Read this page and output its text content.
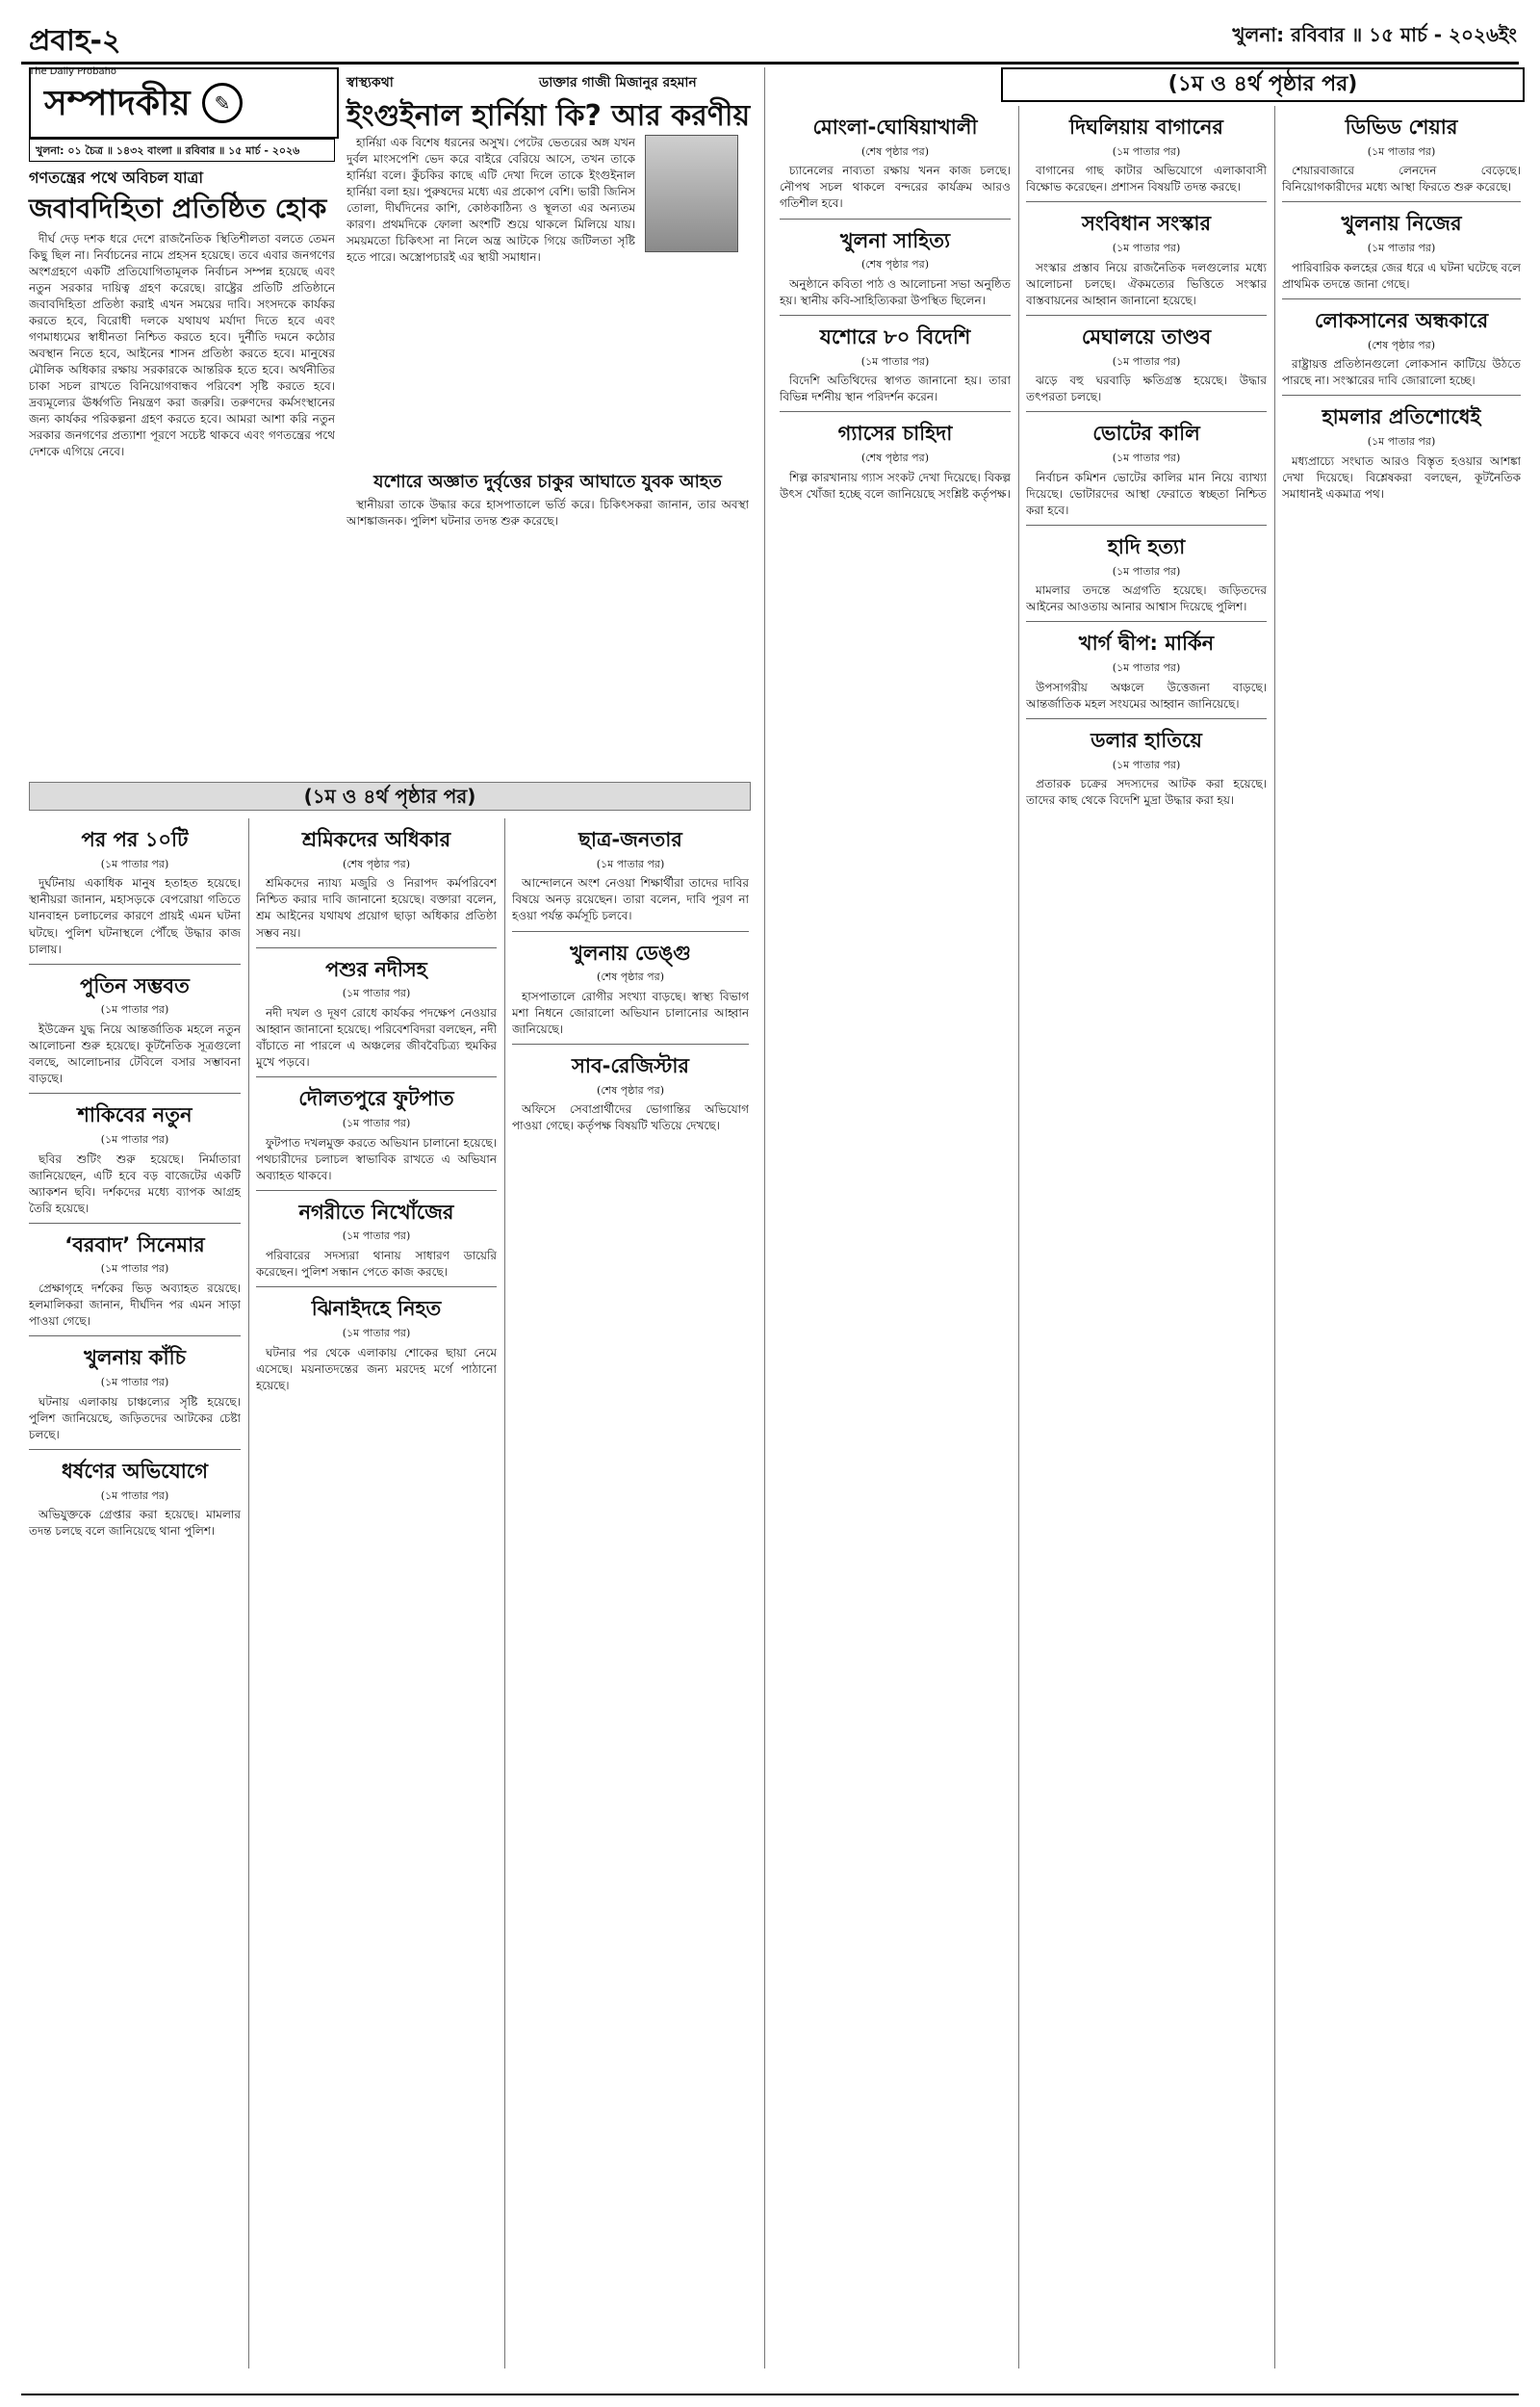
প্রবাহ-২
The Daily Probaho
খুলনা: রবিবার ॥ ১৫ মার্চ - ২০২৬ইং
সম্পাদকীয়	✎
খুলনা: ০১ চৈত্র ॥ ১৪৩২ বাংলা ॥ রবিবার ॥ ১৫ মার্চ - ২০২৬
গণতন্ত্রের পথে অবিচল যাত্রা
জবাবদিহিতা প্রতিষ্ঠিত হোক

দীর্ঘ দেড় দশক ধরে দেশে রাজনৈতিক স্থিতিশীলতা বলতে তেমন কিছু ছিল না। নির্বাচনের নামে প্রহসন হয়েছে। তবে এবার জনগণের অংশগ্রহণে একটি প্রতিযোগিতামূলক নির্বাচন সম্পন্ন হয়েছে এবং নতুন সরকার দায়িত্ব গ্রহণ করেছে। রাষ্ট্রের প্রতিটি প্রতিষ্ঠানে জবাবদিহিতা প্রতিষ্ঠা করাই এখন সময়ের দাবি। সংসদকে কার্যকর করতে হবে, বিরোধী দলকে যথাযথ মর্যাদা দিতে হবে এবং গণমাধ্যমের স্বাধীনতা নিশ্চিত করতে হবে। দুর্নীতি দমনে কঠোর অবস্থান নিতে হবে, আইনের শাসন প্রতিষ্ঠা করতে হবে। মানুষের মৌলিক অধিকার রক্ষায় সরকারকে আন্তরিক হতে হবে। অর্থনীতির চাকা সচল রাখতে বিনিয়োগবান্ধব পরিবেশ সৃষ্টি করতে হবে। দ্রব্যমূল্যের ঊর্ধ্বগতি নিয়ন্ত্রণ করা জরুরি। তরুণদের কর্মসংস্থানের জন্য কার্যকর পরিকল্পনা গ্রহণ করতে হবে। আমরা আশা করি নতুন সরকার জনগণের প্রত্যাশা পূরণে সচেষ্ট থাকবে এবং গণতন্ত্রের পথে দেশকে এগিয়ে নেবে।

স্বাস্থ্যকথা	ডাক্তার গাজী মিজানুর রহমান
ইংগুইনাল হার্নিয়া কি? আর করণীয়

হার্নিয়া এক বিশেষ ধরনের অসুখ। পেটের ভেতরের অঙ্গ যখন দুর্বল মাংসপেশি ভেদ করে বাইরে বেরিয়ে আসে, তখন তাকে হার্নিয়া বলে। কুঁচকির কাছে এটি দেখা দিলে তাকে ইংগুইনাল হার্নিয়া বলা হয়। পুরুষদের মধ্যে এর প্রকোপ বেশি। ভারী জিনিস তোলা, দীর্ঘদিনের কাশি, কোষ্ঠকাঠিন্য ও স্থূলতা এর অন্যতম কারণ। প্রথমদিকে ফোলা অংশটি শুয়ে থাকলে মিলিয়ে যায়। সময়মতো চিকিৎসা না নিলে অন্ত্র আটকে গিয়ে জটিলতা সৃষ্টি হতে পারে। অস্ত্রোপচারই এর স্থায়ী সমাধান।

যশোরে অজ্ঞাত দুর্বৃত্তের চাকুর আঘাতে যুবক আহত

স্থানীয়রা তাকে উদ্ধার করে হাসপাতালে ভর্তি করে। চিকিৎসকরা জানান, তার অবস্থা আশঙ্কাজনক। পুলিশ ঘটনার তদন্ত শুরু করেছে।

(১ম ও ৪র্থ পৃষ্ঠার পর)
পর পর ১০টি
(১ম পাতার পর)

দুর্ঘটনায় একাধিক মানুষ হতাহত হয়েছে। স্থানীয়রা জানান, মহাসড়কে বেপরোয়া গতিতে যানবাহন চলাচলের কারণে প্রায়ই এমন ঘটনা ঘটছে। পুলিশ ঘটনাস্থলে পৌঁছে উদ্ধার কাজ চালায়।

পুতিন সম্ভবত
(১ম পাতার পর)

ইউক্রেন যুদ্ধ নিয়ে আন্তর্জাতিক মহলে নতুন আলোচনা শুরু হয়েছে। কূটনৈতিক সূত্রগুলো বলছে, আলোচনার টেবিলে বসার সম্ভাবনা বাড়ছে।

শাকিবের নতুন
(১ম পাতার পর)

ছবির শুটিং শুরু হয়েছে। নির্মাতারা জানিয়েছেন, এটি হবে বড় বাজেটের একটি অ্যাকশন ছবি। দর্শকদের মধ্যে ব্যাপক আগ্রহ তৈরি হয়েছে।

‘বরবাদ’ সিনেমার
(১ম পাতার পর)

প্রেক্ষাগৃহে দর্শকের ভিড় অব্যাহত রয়েছে। হলমালিকরা জানান, দীর্ঘদিন পর এমন সাড়া পাওয়া গেছে।

খুলনায় কাঁচি
(১ম পাতার পর)

ঘটনায় এলাকায় চাঞ্চল্যের সৃষ্টি হয়েছে। পুলিশ জানিয়েছে, জড়িতদের আটকের চেষ্টা চলছে।

ধর্ষণের অভিযোগে
(১ম পাতার পর)

অভিযুক্তকে গ্রেপ্তার করা হয়েছে। মামলার তদন্ত চলছে বলে জানিয়েছে থানা পুলিশ।

শ্রমিকদের অধিকার
(শেষ পৃষ্ঠার পর)

শ্রমিকদের ন্যায্য মজুরি ও নিরাপদ কর্মপরিবেশ নিশ্চিত করার দাবি জানানো হয়েছে। বক্তারা বলেন, শ্রম আইনের যথাযথ প্রয়োগ ছাড়া অধিকার প্রতিষ্ঠা সম্ভব নয়।

পশুর নদীসহ
(১ম পাতার পর)

নদী দখল ও দূষণ রোধে কার্যকর পদক্ষেপ নেওয়ার আহ্বান জানানো হয়েছে। পরিবেশবিদরা বলছেন, নদী বাঁচাতে না পারলে এ অঞ্চলের জীববৈচিত্র্য হুমকির মুখে পড়বে।

দৌলতপুরে ফুটপাত
(১ম পাতার পর)

ফুটপাত দখলমুক্ত করতে অভিযান চালানো হয়েছে। পথচারীদের চলাচল স্বাভাবিক রাখতে এ অভিযান অব্যাহত থাকবে।

নগরীতে নিখোঁজের
(১ম পাতার পর)

পরিবারের সদস্যরা থানায় সাধারণ ডায়েরি করেছেন। পুলিশ সন্ধান পেতে কাজ করছে।

ঝিনাইদহে নিহত
(১ম পাতার পর)

ঘটনার পর থেকে এলাকায় শোকের ছায়া নেমে এসেছে। ময়নাতদন্তের জন্য মরদেহ মর্গে পাঠানো হয়েছে।

ছাত্র-জনতার
(১ম পাতার পর)

আন্দোলনে অংশ নেওয়া শিক্ষার্থীরা তাদের দাবির বিষয়ে অনড় রয়েছেন। তারা বলেন, দাবি পূরণ না হওয়া পর্যন্ত কর্মসূচি চলবে।

খুলনায় ডেঙ্গু
(শেষ পৃষ্ঠার পর)

হাসপাতালে রোগীর সংখ্যা বাড়ছে। স্বাস্থ্য বিভাগ মশা নিধনে জোরালো অভিযান চালানোর আহ্বান জানিয়েছে।

সাব-রেজিস্টার
(শেষ পৃষ্ঠার পর)

অফিসে সেবাপ্রার্থীদের ভোগান্তির অভিযোগ পাওয়া গেছে। কর্তৃপক্ষ বিষয়টি খতিয়ে দেখছে।

(১ম ও ৪র্থ পৃষ্ঠার পর)
মোংলা-ঘোষিয়াখালী
(শেষ পৃষ্ঠার পর)

চ্যানেলের নাব্যতা রক্ষায় খনন কাজ চলছে। নৌপথ সচল থাকলে বন্দরের কার্যক্রম আরও গতিশীল হবে।

খুলনা সাহিত্য
(শেষ পৃষ্ঠার পর)

অনুষ্ঠানে কবিতা পাঠ ও আলোচনা সভা অনুষ্ঠিত হয়। স্থানীয় কবি-সাহিত্যিকরা উপস্থিত ছিলেন।

যশোরে ৮০ বিদেশি
(১ম পাতার পর)

বিদেশি অতিথিদের স্বাগত জানানো হয়। তারা বিভিন্ন দর্শনীয় স্থান পরিদর্শন করেন।

গ্যাসের চাহিদা
(শেষ পৃষ্ঠার পর)

শিল্প কারখানায় গ্যাস সংকট দেখা দিয়েছে। বিকল্প উৎস খোঁজা হচ্ছে বলে জানিয়েছে সংশ্লিষ্ট কর্তৃপক্ষ।

দিঘলিয়ায় বাগানের
(১ম পাতার পর)

বাগানের গাছ কাটার অভিযোগে এলাকাবাসী বিক্ষোভ করেছেন। প্রশাসন বিষয়টি তদন্ত করছে।

সংবিধান সংস্কার
(১ম পাতার পর)

সংস্কার প্রস্তাব নিয়ে রাজনৈতিক দলগুলোর মধ্যে আলোচনা চলছে। ঐকমত্যের ভিত্তিতে সংস্কার বাস্তবায়নের আহ্বান জানানো হয়েছে।

মেঘালয়ে তাণ্ডব
(১ম পাতার পর)

ঝড়ে বহু ঘরবাড়ি ক্ষতিগ্রস্ত হয়েছে। উদ্ধার তৎপরতা চলছে।

ভোটের কালি
(১ম পাতার পর)

নির্বাচন কমিশন ভোটের কালির মান নিয়ে ব্যাখ্যা দিয়েছে। ভোটারদের আস্থা ফেরাতে স্বচ্ছতা নিশ্চিত করা হবে।

হাদি হত্যা
(১ম পাতার পর)

মামলার তদন্তে অগ্রগতি হয়েছে। জড়িতদের আইনের আওতায় আনার আশ্বাস দিয়েছে পুলিশ।

খার্গ দ্বীপ: মার্কিন
(১ম পাতার পর)

উপসাগরীয় অঞ্চলে উত্তেজনা বাড়ছে। আন্তর্জাতিক মহল সংযমের আহ্বান জানিয়েছে।

ডলার হাতিয়ে
(১ম পাতার পর)

প্রতারক চক্রের সদস্যদের আটক করা হয়েছে। তাদের কাছ থেকে বিদেশি মুদ্রা উদ্ধার করা হয়।

ডিভিড শেয়ার
(১ম পাতার পর)

শেয়ারবাজারে লেনদেন বেড়েছে। বিনিয়োগকারীদের মধ্যে আস্থা ফিরতে শুরু করেছে।

খুলনায় নিজের
(১ম পাতার পর)

পারিবারিক কলহের জের ধরে এ ঘটনা ঘটেছে বলে প্রাথমিক তদন্তে জানা গেছে।

লোকসানের অন্ধকারে
(শেষ পৃষ্ঠার পর)

রাষ্ট্রায়ত্ত প্রতিষ্ঠানগুলো লোকসান কাটিয়ে উঠতে পারছে না। সংস্কারের দাবি জোরালো হচ্ছে।

হামলার প্রতিশোধেই
(১ম পাতার পর)

মধ্যপ্রাচ্যে সংঘাত আরও বিস্তৃত হওয়ার আশঙ্কা দেখা দিয়েছে। বিশ্লেষকরা বলছেন, কূটনৈতিক সমাধানই একমাত্র পথ।
